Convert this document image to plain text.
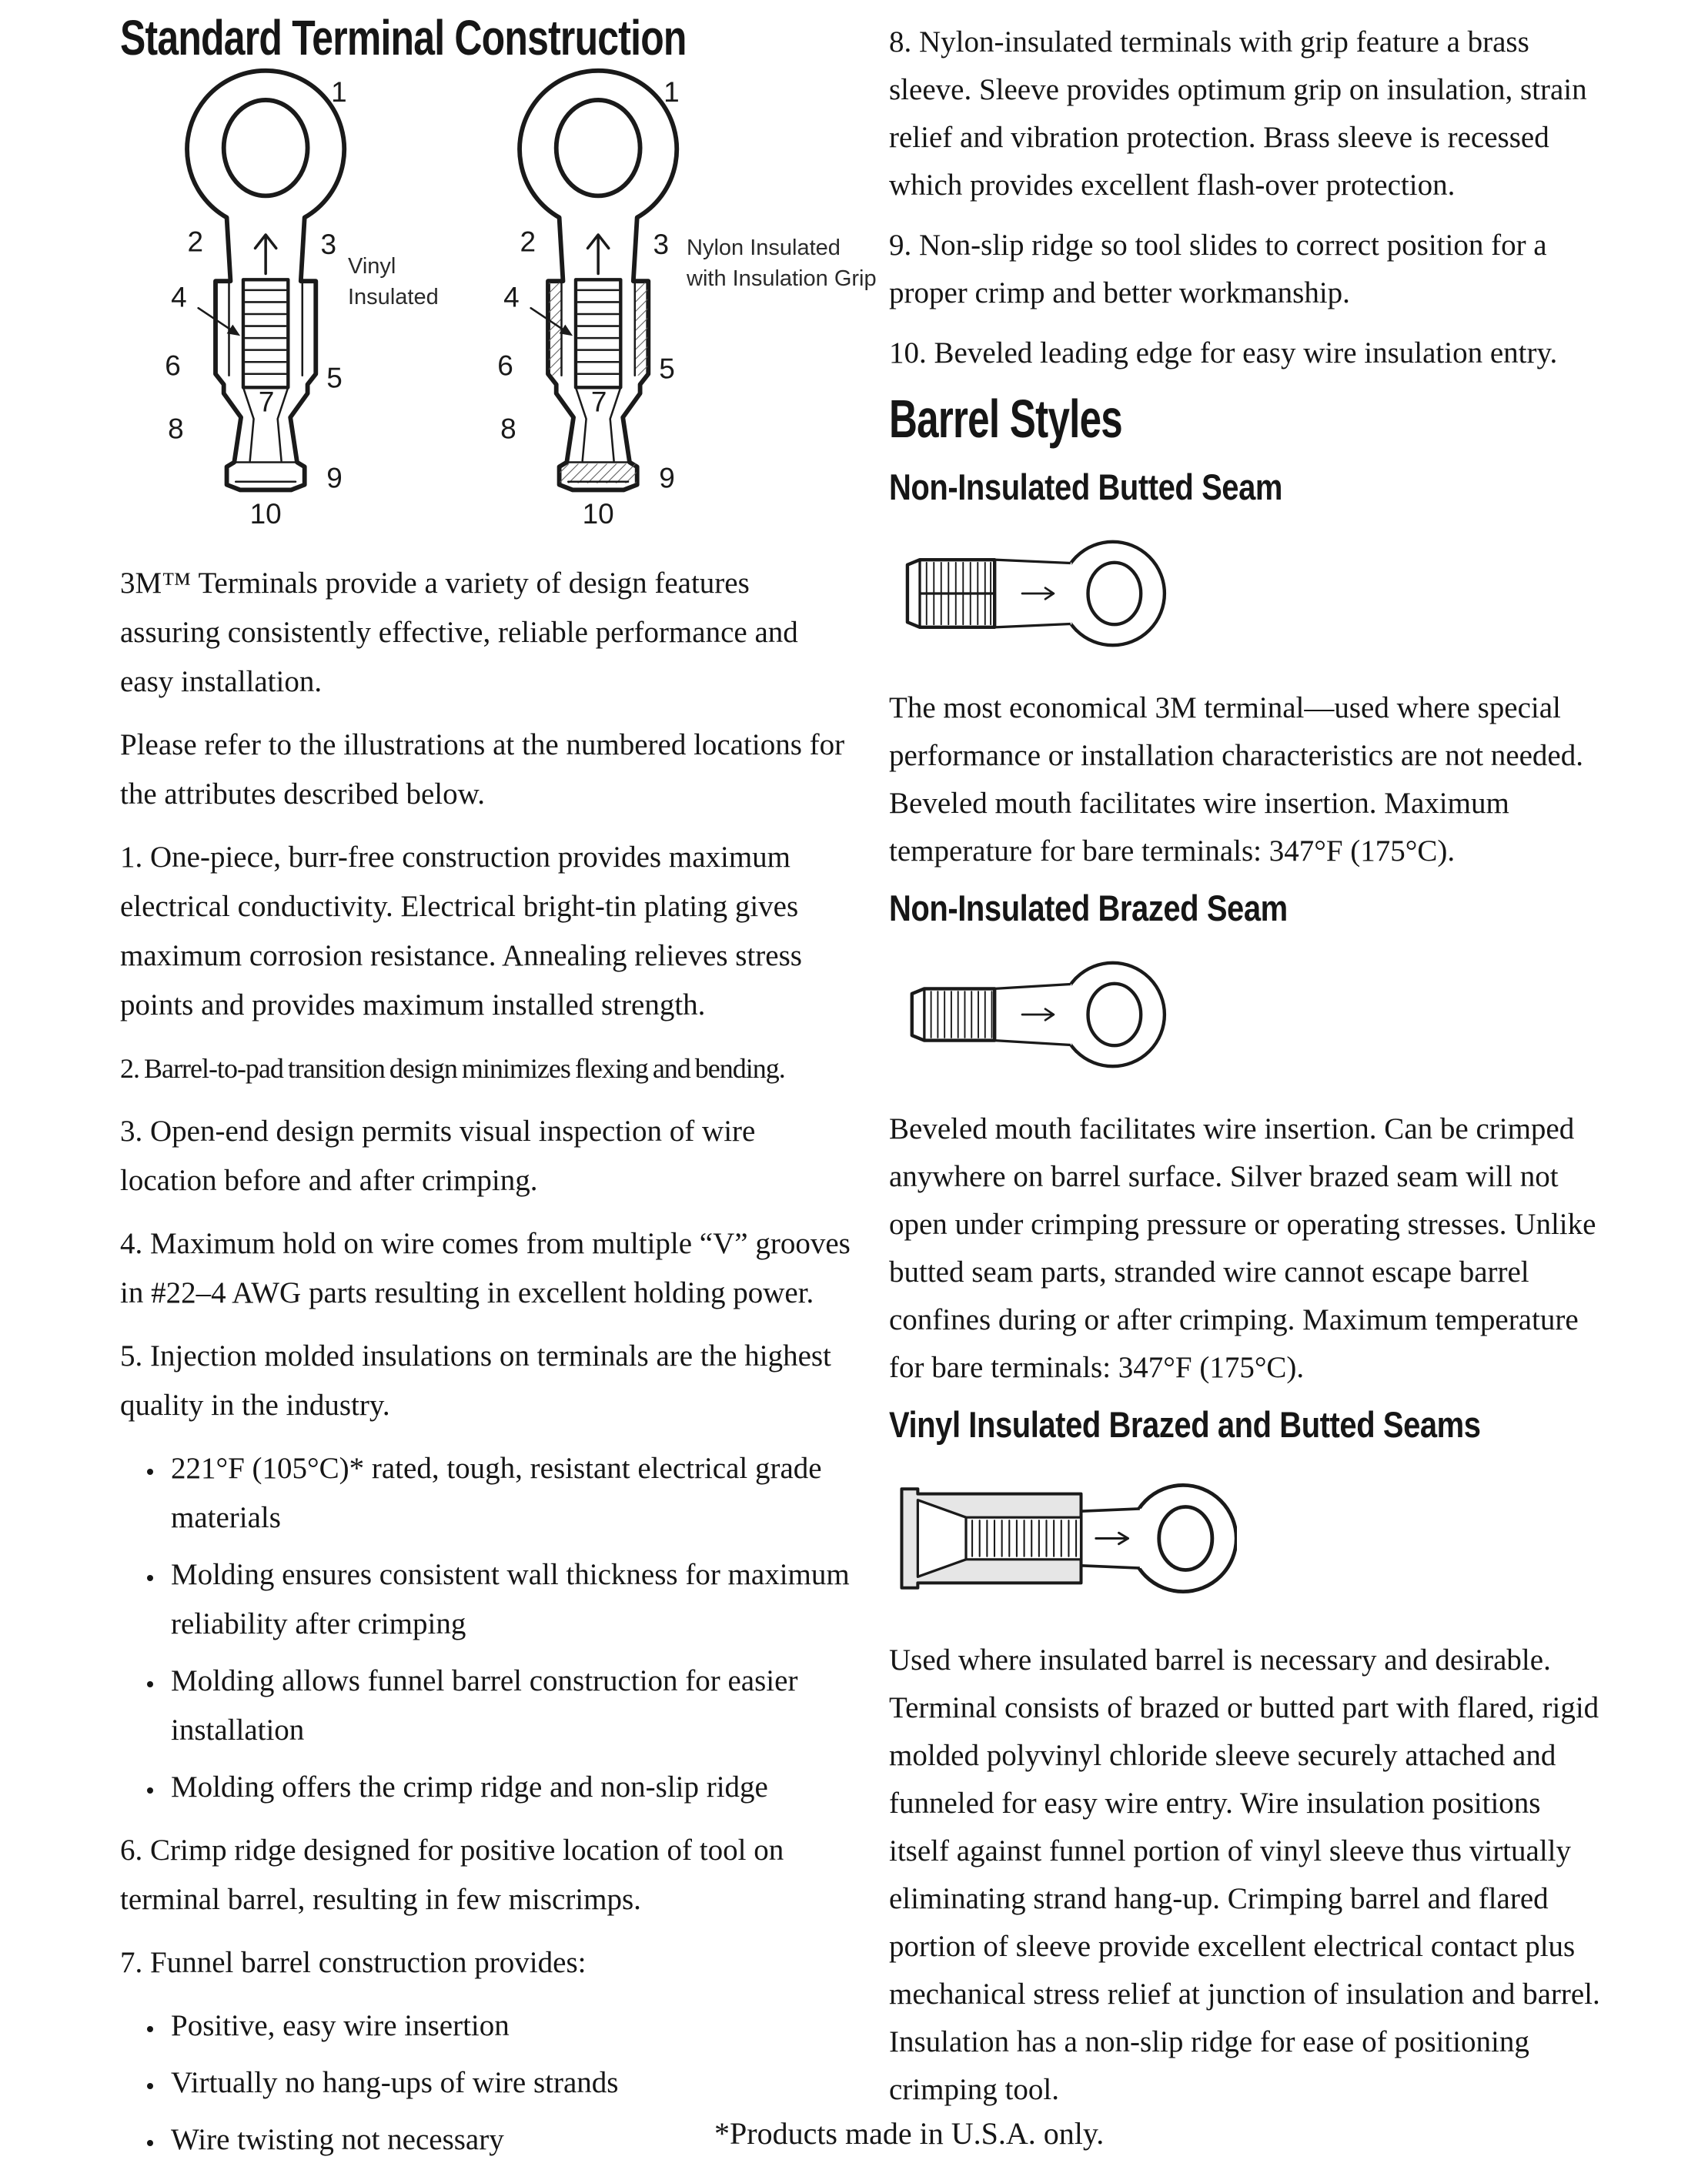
Standard Terminal Construction
1
2	3
4
5
6
7
8
9
10
1
2	3
4
5
6
7
8
9
10
Vinyl
Insulated
Nylon Insulated
with Insulation Grip

3M™ Terminals provide a variety of design features assuring consistently effective, reliable performance and easy installation.

Please refer to the illustrations at the numbered locations for the attributes described below.

1. One-piece, burr-free construction provides maximum electrical conductivity. Electrical bright-tin plating gives maximum corrosion resistance. Annealing relieves stress points and provides maximum installed strength.

2. Barrel-to-pad transition design minimizes flexing and bending.

3. Open-end design permits visual inspection of wire location before and after crimping.

4. Maximum hold on wire comes from multiple “V” grooves in #22–4 AWG parts resulting in excellent holding power.

5. Injection molded insulations on terminals are the highest quality in the industry.

• 221°F (105°C)* rated, tough, resistant electrical grade materials
• Molding ensures consistent wall thickness for maximum reliability after crimping
• Molding allows funnel barrel construction for easier installation
• Molding offers the crimp ridge and non-slip ridge

6. Crimp ridge designed for positive location of tool on terminal barrel, resulting in few miscrimps.

7. Funnel barrel construction provides:

• Positive, easy wire insertion
• Virtually no hang-ups of wire strands
• Wire twisting not necessary

8. Nylon-insulated terminals with grip feature a brass sleeve. Sleeve provides optimum grip on insulation, strain relief and vibration protection. Brass sleeve is recessed which provides excellent flash-over protection.

9. Non-slip ridge so tool slides to correct position for a proper crimp and better workmanship.

10. Beveled leading edge for easy wire insulation entry.

Barrel Styles
Non-Insulated Butted Seam

The most economical 3M terminal—used where special performance or installation characteristics are not needed. Beveled mouth facilitates wire insertion. Maximum temperature for bare terminals: 347°F (175°C).

Non-Insulated Brazed Seam

Beveled mouth facilitates wire insertion. Can be crimped anywhere on barrel surface. Silver brazed seam will not open under crimping pressure or operating stresses. Unlike butted seam parts, stranded wire cannot escape barrel confines during or after crimping. Maximum temperature for bare terminals: 347°F (175°C).

Vinyl Insulated Brazed and Butted Seams

Used where insulated barrel is necessary and desirable. Terminal consists of brazed or butted part with flared, rigid molded polyvinyl chloride sleeve securely attached and funneled for easy wire entry. Wire insulation positions itself against funnel portion of vinyl sleeve thus virtually eliminating strand hang-up. Crimping barrel and flared portion of sleeve provide excellent electrical contact plus mechanical stress relief at junction of insulation and barrel. Insulation has a non-slip ridge for ease of positioning crimping tool.

*Products made in U.S.A. only.
